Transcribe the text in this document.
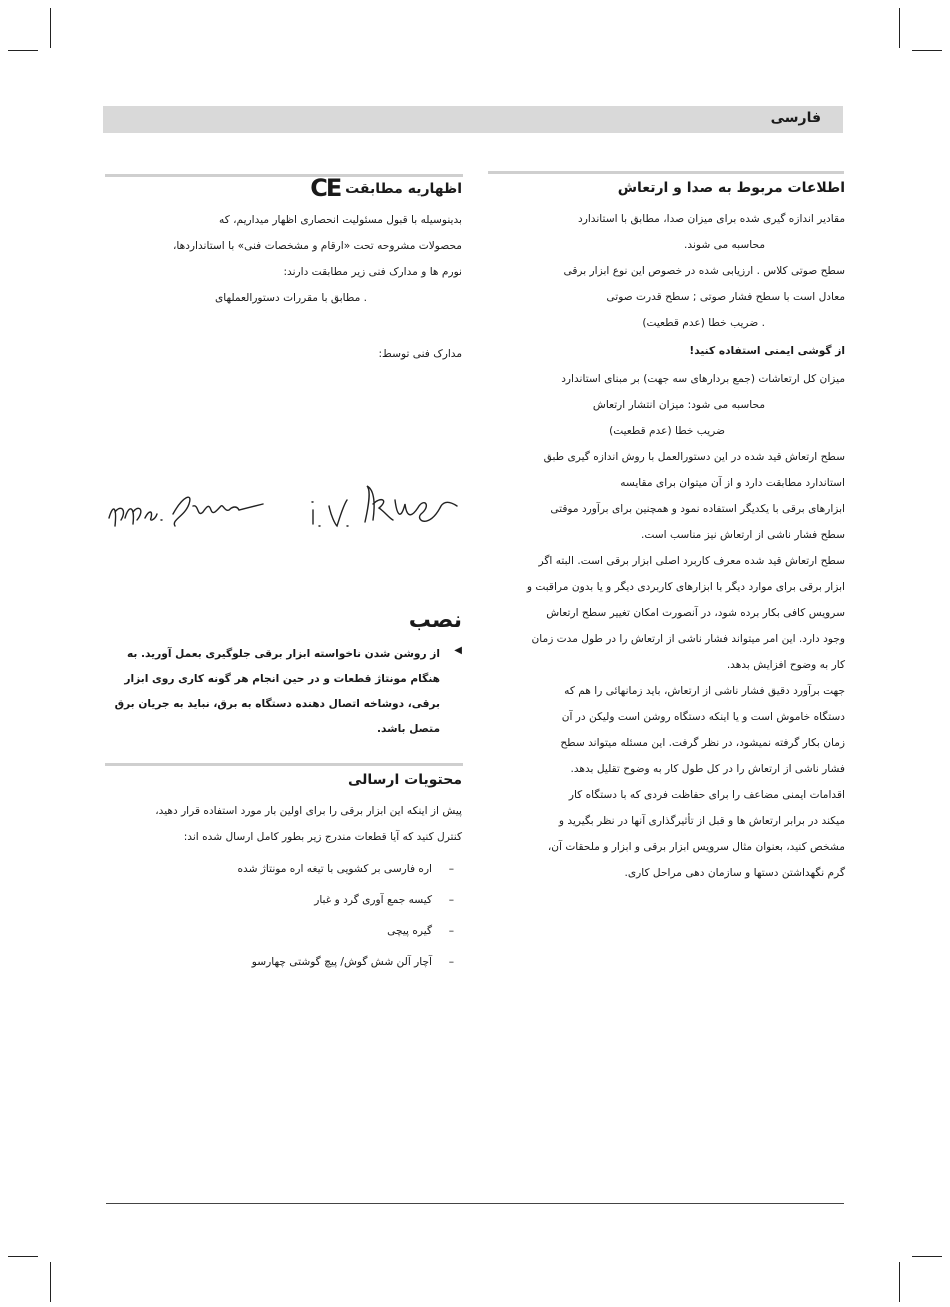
فارسی

اطلاعات مربوط به صدا و ارتعاش

مقادیر اندازه گیری شده برای میزان صدا، مطابق با استاندارد

محاسبه می شوند.

سطح صوتی کلاس . ارزیابی شده در خصوص این نوع ابزار برقی

معادل است با سطح فشار صوتی ; سطح قدرت صوتی

. ضریب خطا (عدم قطعیت)

از گوشی ایمنی استفاده کنید!

میزان کل ارتعاشات (جمع بردارهای سه جهت) بر مبنای استاندارد

محاسبه می شود: میزان انتشار ارتعاش

ضریب خطا (عدم قطعیت)

سطح ارتعاش قید شده در این دستورالعمل با روش اندازه گیری طبق

استاندارد مطابقت دارد و از آن میتوان برای مقایسه

ابزارهای برقی با یکدیگر استفاده نمود و همچنین برای برآورد موقتی

سطح فشار ناشی از ارتعاش نیز مناسب است.

سطح ارتعاش قید شده معرف کاربرد اصلی ابزار برقی است. البته اگر

ابزار برقی برای موارد دیگر با ابزارهای کاربردی دیگر و یا بدون مراقبت و

سرویس کافی بکار برده شود، در آنصورت امکان تغییر سطح ارتعاش

وجود دارد. این امر میتواند فشار ناشی از ارتعاش را در طول مدت زمان

کار به وضوح افزایش بدهد.

جهت برآورد دقیق فشار ناشی از ارتعاش، باید زمانهائی را هم که

دستگاه خاموش است و یا اینکه دستگاه روشن است ولیکن در آن

زمان بکار گرفته نمیشود، در نظر گرفت. این مسئله میتواند سطح

فشار ناشی از ارتعاش را در کل طول کار به وضوح تقلیل بدهد.

اقدامات ایمنی مضاعف را برای حفاظت فردی که با دستگاه کار

میکند در برابر ارتعاش ها و قبل از تأثیرگذاری آنها در نظر بگیرید و

مشخص کنید، بعنوان مثال سرویس ابزار برقی و ابزار و ملحقات آن،

گرم نگهداشتن دستها و سازمان دهی مراحل کاری.

اظهاریه مطابقت CE

بدینوسیله با قبول مسئولیت انحصاری اظهار میداریم، که

محصولات مشروحه تحت «ارقام و مشخصات فنی» با استانداردها،

نورم ها و مدارک فنی زیر مطابقت دارند:

. مطابق با مقررات دستورالعملهای

مدارک فنی توسط:

ppa. Sema i.V. Rudger

نصب

◀

از روشن شدن ناخواسته ابزار برقی جلوگیری بعمل آورید. به هنگام مونتاژ قطعات و در حین انجام هر گونه کاری روی ابزار برقی، دوشاخه اتصال دهنده دستگاه به برق، نباید به جریان برق متصل باشد.

محتویات ارسالی

پیش از اینکه این ابزار برقی را برای اولین بار مورد استفاده قرار دهید،

کنترل کنید که آیا قطعات مندرج زیر بطور کامل ارسال شده اند:

–
اره فارسی بر کشویی با تیغه اره مونتاژ شده
–
کیسه جمع آوری گرد و غبار
–
گیره پیچی
–
آچار آلن شش گوش/ پیچ گوشتی چهارسو
